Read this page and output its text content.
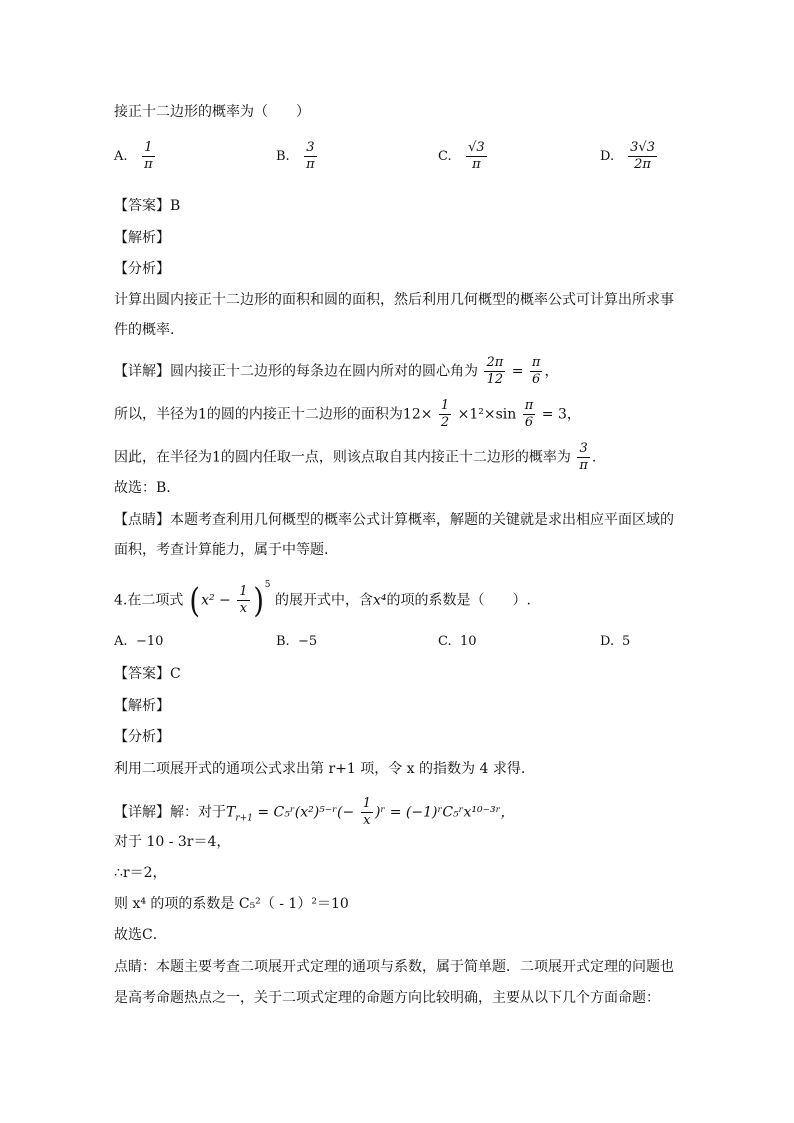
接正十二边形的概率为（　　）
A. $\frac{1}{\pi}$	B. $\frac{3}{\pi}$	C. $\frac{√3}{\pi}$	D. $\frac{3√3}{2\pi}$
【答案】B
【解析】
【分析】
计算出圆内接正十二边形的面积和圆的面积，然后利用几何概型的概率公式可计算出所求事
件的概率.
【详解】圆内接正十二边形的每条边在圆内所对的圆心角为 $\frac{2\pi}{12} = \frac{\pi}{6}$ ，
所以，半径为1的圆的内接正十二边形的面积为$12\times \frac{1}{2} \times 1^2\times\sin \frac{\pi}{6} = 3$，
因此，在半径为1的圆内任取一点，则该点取自其内接正十二边形的概率为 $\frac{3}{\pi}$ .
故选：B.
【点睛】本题考查利用几何概型的概率公式计算概率，解题的关键就是求出相应平面区域的
面积，考查计算能力，属于中等题.
4.在二项式 $(x^2 - \frac{1}{x} )^5$ 的展开式中，含x⁴的项的系数是（　　）.
A. −10	B. −5	C. 10	D. 5
【答案】C
【解析】
【分析】
利用二项展开式的通项公式求出第 r+1 项，令 x 的指数为 4 求得.
【详解】解：对于$T_{r+1}$ = C₅ʳ(x²)⁵⁻ʳ(− $\frac{1}{x}$ )ʳ = (−1)ʳC₅ʳx¹⁰⁻³ʳ，
对于 10 - 3r＝4，
∴r＝2，
则 x⁴ 的项的系数是 C₅²（ - 1）²＝10
故选C．
点睛：本题主要考查二项展开式定理的通项与系数，属于简单题．二项展开式定理的问题也
是高考命题热点之一，关于二项式定理的命题方向比较明确，主要从以下几个方面命题：
